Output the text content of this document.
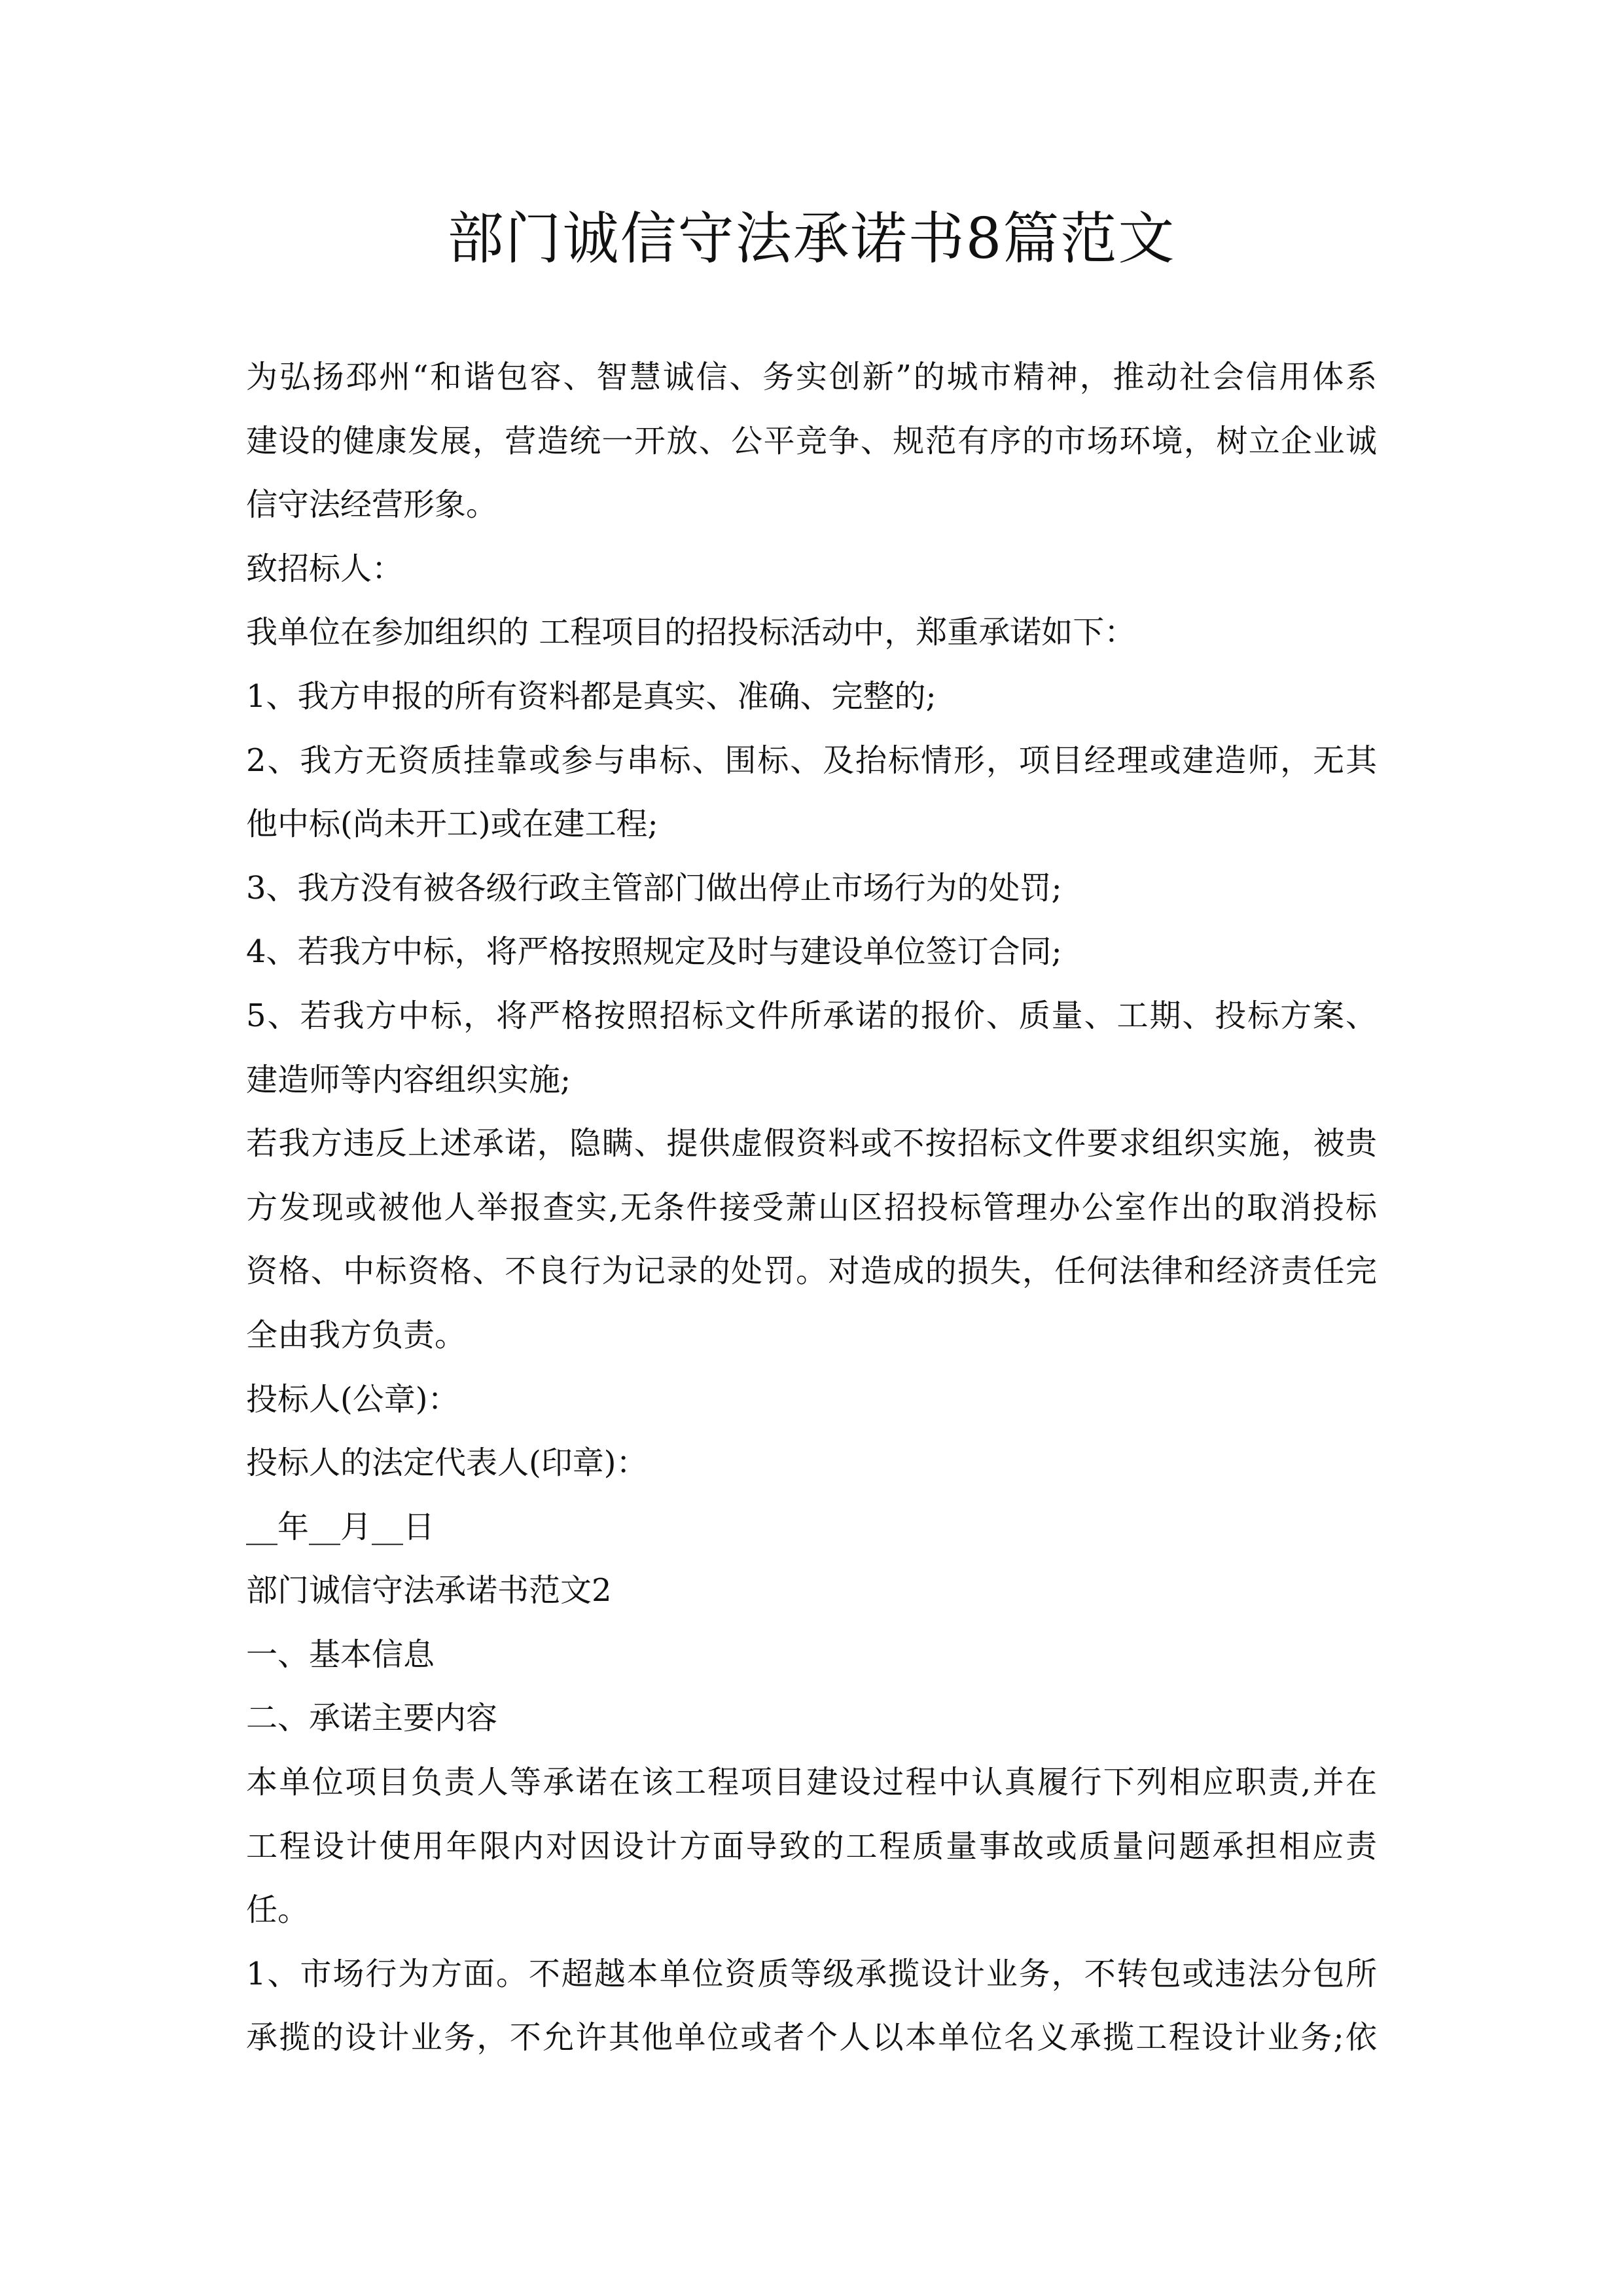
部门诚信守法承诺书8篇范文
为弘扬邳州“和谐包容、智慧诚信、务实创新”的城市精神，推动社会信用体系
建设的健康发展，营造统一开放、公平竞争、规范有序的市场环境，树立企业诚
信守法经营形象。
致招标人：
我单位在参加组织的 工程项目的招投标活动中，郑重承诺如下：
1、我方申报的所有资料都是真实、准确、完整的;
2、我方无资质挂靠或参与串标、围标、及抬标情形，项目经理或建造师，无其
他中标(尚未开工)或在建工程;
3、我方没有被各级行政主管部门做出停止市场行为的处罚;
4、若我方中标，将严格按照规定及时与建设单位签订合同;
5、若我方中标，将严格按照招标文件所承诺的报价、质量、工期、投标方案、
建造师等内容组织实施;
若我方违反上述承诺，隐瞒、提供虚假资料或不按招标文件要求组织实施，被贵
方发现或被他人举报查实,无条件接受萧山区招投标管理办公室作出的取消投标
资格、中标资格、不良行为记录的处罚。对造成的损失，任何法律和经济责任完
全由我方负责。
投标人(公章)：
投标人的法定代表人(印章)：
__年__月__日
部门诚信守法承诺书范文2
一、基本信息
二、承诺主要内容
本单位项目负责人等承诺在该工程项目建设过程中认真履行下列相应职责,并在
工程设计使用年限内对因设计方面导致的工程质量事故或质量问题承担相应责
任。
1、市场行为方面。不超越本单位资质等级承揽设计业务，不转包或违法分包所
承揽的设计业务，不允许其他单位或者个人以本单位名义承揽工程设计业务;依
